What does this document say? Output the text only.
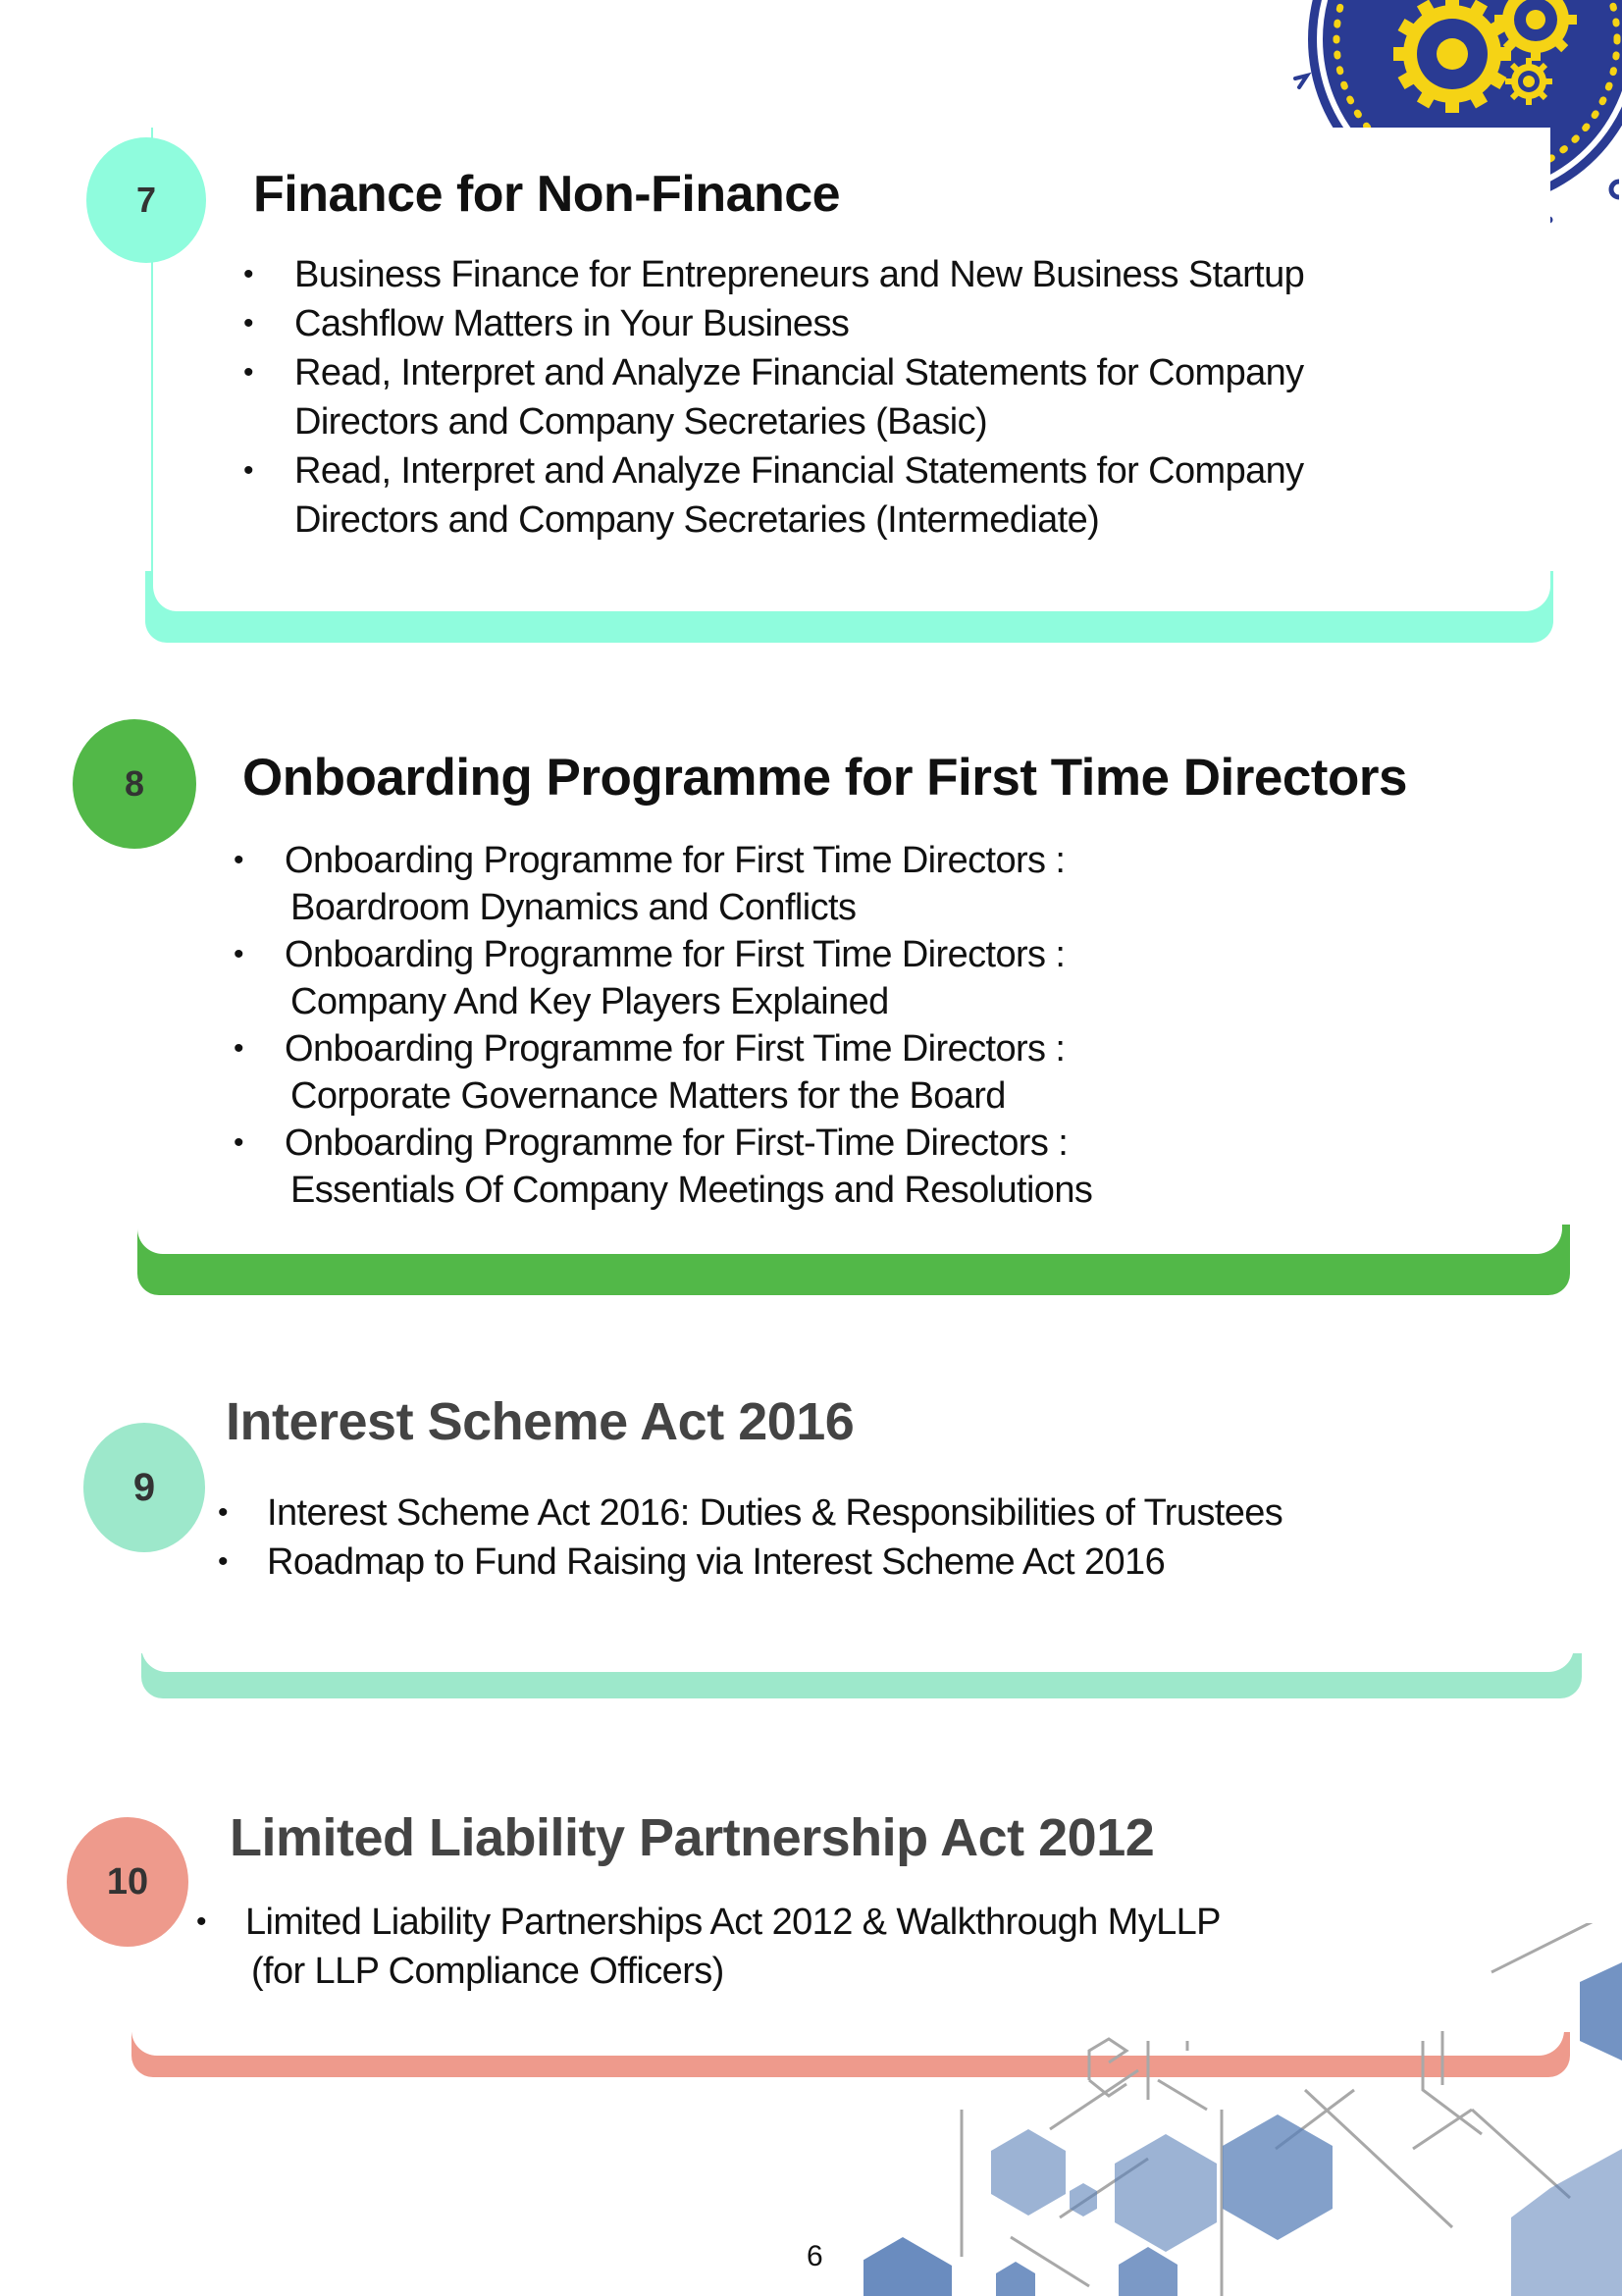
7 Finance for Non-Finance
• Business Finance for Entrepreneurs and New Business Startup
• Cashflow Matters in Your Business
• Read, Interpret and Analyze Financial Statements for Company
Directors and Company Secretaries (Basic)
• Read, Interpret and Analyze Financial Statements for Company
Directors and Company Secretaries (Intermediate)
8 Onboarding Programme for First Time Directors
• Onboarding Programme for First Time Directors :
Boardroom Dynamics and Conflicts
• Onboarding Programme for First Time Directors :
Company And Key Players Explained
• Onboarding Programme for First Time Directors :
Corporate Governance Matters for the Board
• Onboarding Programme for First-Time Directors :
Essentials Of Company Meetings and Resolutions
9
Interest Scheme Act 2016
• Interest Scheme Act 2016: Duties & Responsibilities of Trustees
• Roadmap to Fund Raising via Interest Scheme Act 2016
10
Limited Liability Partnership Act 2012
• Limited Liability Partnerships Act 2012 & Walkthrough MyLLP
(for LLP Compliance Officers)
6
